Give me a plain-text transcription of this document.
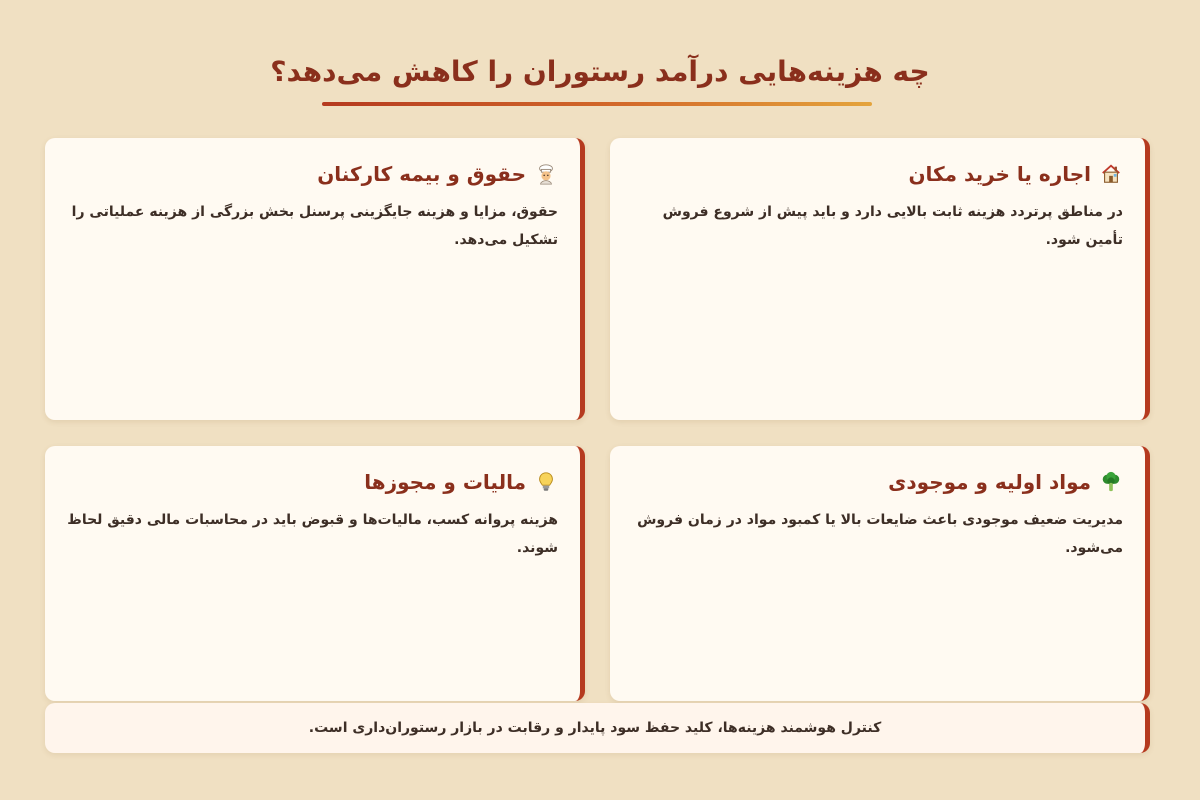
چه هزینه‌هایی درآمد رستوران را کاهش می‌دهد؟
اجاره یا خرید مکان

در مناطق پرتردد هزینه ثابت بالایی دارد و باید پیش از شروع فروش تأمین شود.

حقوق و بیمه کارکنان

حقوق، مزایا و هزینه جایگزینی پرسنل بخش بزرگی از هزینه عملیاتی را تشکیل می‌دهد.

مواد اولیه و موجودی

مدیریت ضعیف موجودی باعث ضایعات بالا یا کمبود مواد در زمان فروش می‌شود.

مالیات و مجوزها

هزینه پروانه کسب، مالیات‌ها و قبوض باید در محاسبات مالی دقیق لحاظ شوند.

کنترل هوشمند هزینه‌ها، کلید حفظ سود پایدار و رقابت در بازار رستوران‌داری است.
